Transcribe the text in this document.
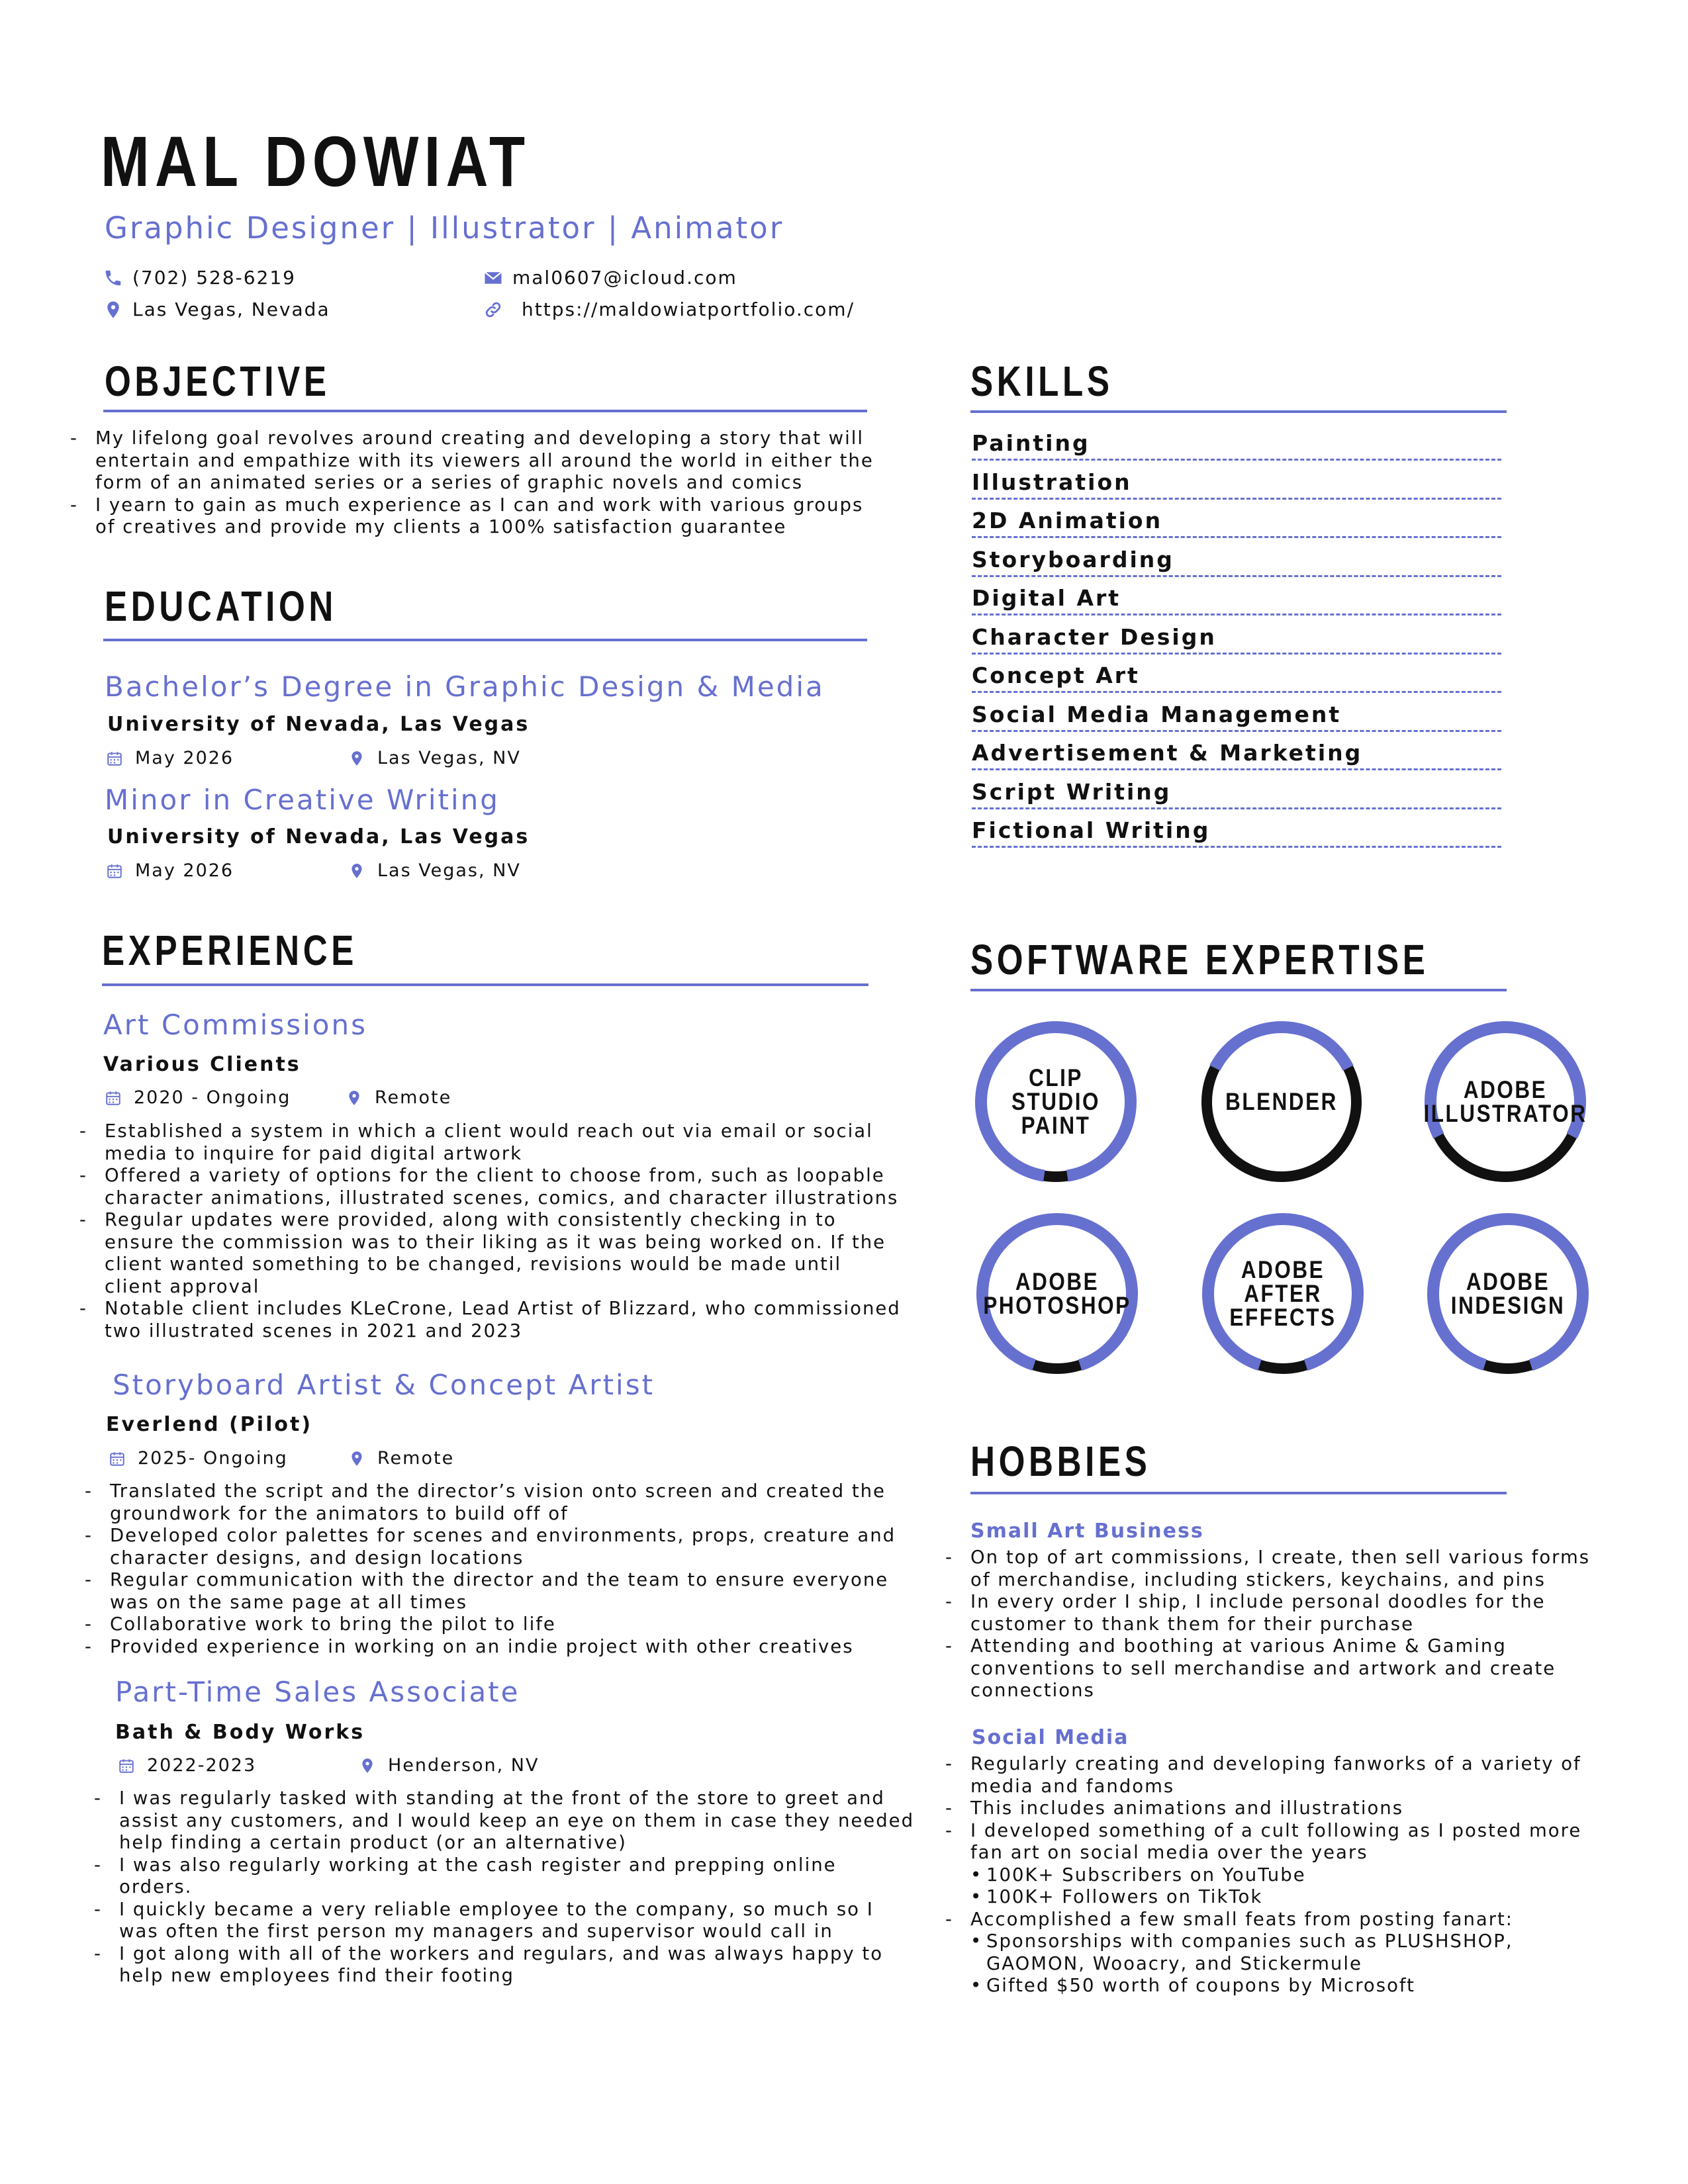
MAL DOWIAT
Graphic Designer | Illustrator | Animator
(702) 528-6219
Las Vegas, Nevada
mal0607@icloud.com
https://maldowiatportfolio.com/
OBJECTIVE
- My lifelong goal revolves around creating and developing a story that will entertain and empathize with its viewers all around the world in either the form of an animated series or a series of graphic novels and comics
- I yearn to gain as much experience as I can and work with various groups of creatives and provide my clients a 100% satisfaction guarantee
EDUCATION
Bachelor’s Degree in Graphic Design & Media
University of Nevada, Las Vegas
May 2026	Las Vegas, NV
Minor in Creative Writing
University of Nevada, Las Vegas
May 2026	Las Vegas, NV
EXPERIENCE
Art Commissions
Various Clients
2020 - Ongoing	Remote
- Established a system in which a client would reach out via email or social media to inquire for paid digital artwork
- Offered a variety of options for the client to choose from, such as loopable character animations, illustrated scenes, comics, and character illustrations
- Regular updates were provided, along with consistently checking in to ensure the commission was to their liking as it was being worked on. If the client wanted something to be changed, revisions would be made until client approval
- Notable client includes KLeCrone, Lead Artist of Blizzard, who commissioned two illustrated scenes in 2021 and 2023
Storyboard Artist & Concept Artist
Everlend (Pilot)
2025- Ongoing	Remote
- Translated the script and the director’s vision onto screen and created the groundwork for the animators to build off of
- Developed color palettes for scenes and environments, props, creature and character designs, and design locations
- Regular communication with the director and the team to ensure everyone was on the same page at all times
- Collaborative work to bring the pilot to life
- Provided experience in working on an indie project with other creatives
Part-Time Sales Associate
Bath & Body Works
2022-2023	Henderson, NV
- I was regularly tasked with standing at the front of the store to greet and assist any customers, and I would keep an eye on them in case they needed help finding a certain product (or an alternative)
- I was also regularly working at the cash register and prepping online orders.
- I quickly became a very reliable employee to the company, so much so I was often the first person my managers and supervisor would call in
- I got along with all of the workers and regulars, and was always happy to help new employees find their footing
SKILLS
Painting
Illustration
2D Animation
Storyboarding
Digital Art
Character Design
Concept Art
Social Media Management
Advertisement & Marketing
Script Writing
Fictional Writing
SOFTWARE EXPERTISE
CLIP STUDIO PAINT
BLENDER	ADOBE ILLUSTRATOR
ADOBE PHOTOSHOP
ADOBE AFTER EFFECTS
ADOBE INDESIGN
HOBBIES
Small Art Business
- On top of art commissions, I create, then sell various forms of merchandise, including stickers, keychains, and pins
- In every order I ship, I include personal doodles for the customer to thank them for their purchase
- Attending and boothing at various Anime & Gaming conventions to sell merchandise and artwork and create connections
Social Media
- Regularly creating and developing fanworks of a variety of media and fandoms
- This includes animations and illustrations
- I developed something of a cult following as I posted more fan art on social media over the years
• 100K+ Subscribers on YouTube
• 100K+ Followers on TikTok
- Accomplished a few small feats from posting fanart:
• Sponsorships with companies such as PLUSHSHOP, GAOMON, Wooacry, and Stickermule
• Gifted $50 worth of coupons by Microsoft
